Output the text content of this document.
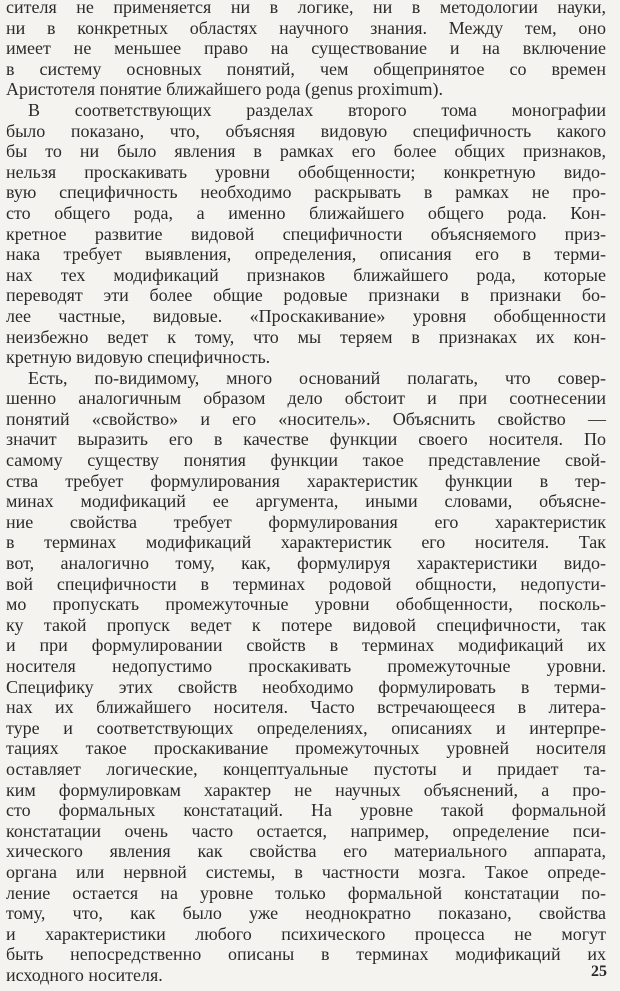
сителя не применяется ни в логике, ни в методологии науки,
ни в конкретных областях научного знания. Между тем, оно
имеет не меньшее право на существование и на включение
в систему основных понятий, чем общепринятое со времен
Аристотеля понятие ближайшего рода (genus proximum).
В соответствующих разделах второго тома монографии
было показано, что, объясняя видовую специфичность какого
бы то ни было явления в рамках его более общих признаков,
нельзя проскакивать уровни обобщенности; конкретную видо-
вую специфичность необходимо раскрывать в рамках не про-
сто общего рода, а именно ближайшего общего рода. Кон-
кретное развитие видовой специфичности объясняемого приз-
нака требует выявления, определения, описания его в терми-
нах тех модификаций признаков ближайшего рода, которые
переводят эти более общие родовые признаки в признаки бо-
лее частные, видовые. «Проскакивание» уровня обобщенности
неизбежно ведет к тому, что мы теряем в признаках их кон-
кретную видовую специфичность.
Есть, по-видимому, много оснований полагать, что совер-
шенно аналогичным образом дело обстоит и при соотнесении
понятий «свойство» и его «носитель». Объяснить свойство —
значит выразить его в качестве функции своего носителя. По
самому существу понятия функции такое представление свой-
ства требует формулирования характеристик функции в тер-
минах модификаций ее аргумента, иными словами, объясне-
ние свойства требует формулирования его характеристик
в терминах модификаций характеристик его носителя. Так
вот, аналогично тому, как, формулируя характеристики видо-
вой специфичности в терминах родовой общности, недопусти-
мо пропускать промежуточные уровни обобщенности, посколь-
ку такой пропуск ведет к потере видовой специфичности, так
и при формулировании свойств в терминах модификаций их
носителя недопустимо проскакивать промежуточные уровни.
Специфику этих свойств необходимо формулировать в терми-
нах их ближайшего носителя. Часто встречающееся в литера-
туре и соответствующих определениях, описаниях и интерпре-
тациях такое проскакивание промежуточных уровней носителя
оставляет логические, концептуальные пустоты и придает та-
ким формулировкам характер не научных объяснений, а про-
сто формальных констатаций. На уровне такой формальной
констатации очень часто остается, например, определение пси-
хического явления как свойства его материального аппарата,
органа или нервной системы, в частности мозга. Такое опреде-
ление остается на уровне только формальной констатации по-
тому, что, как было уже неоднократно показано, свойства
и характеристики любого психического процесса не могут
быть непосредственно описаны в терминах модификаций их
исходного носителя.	25
